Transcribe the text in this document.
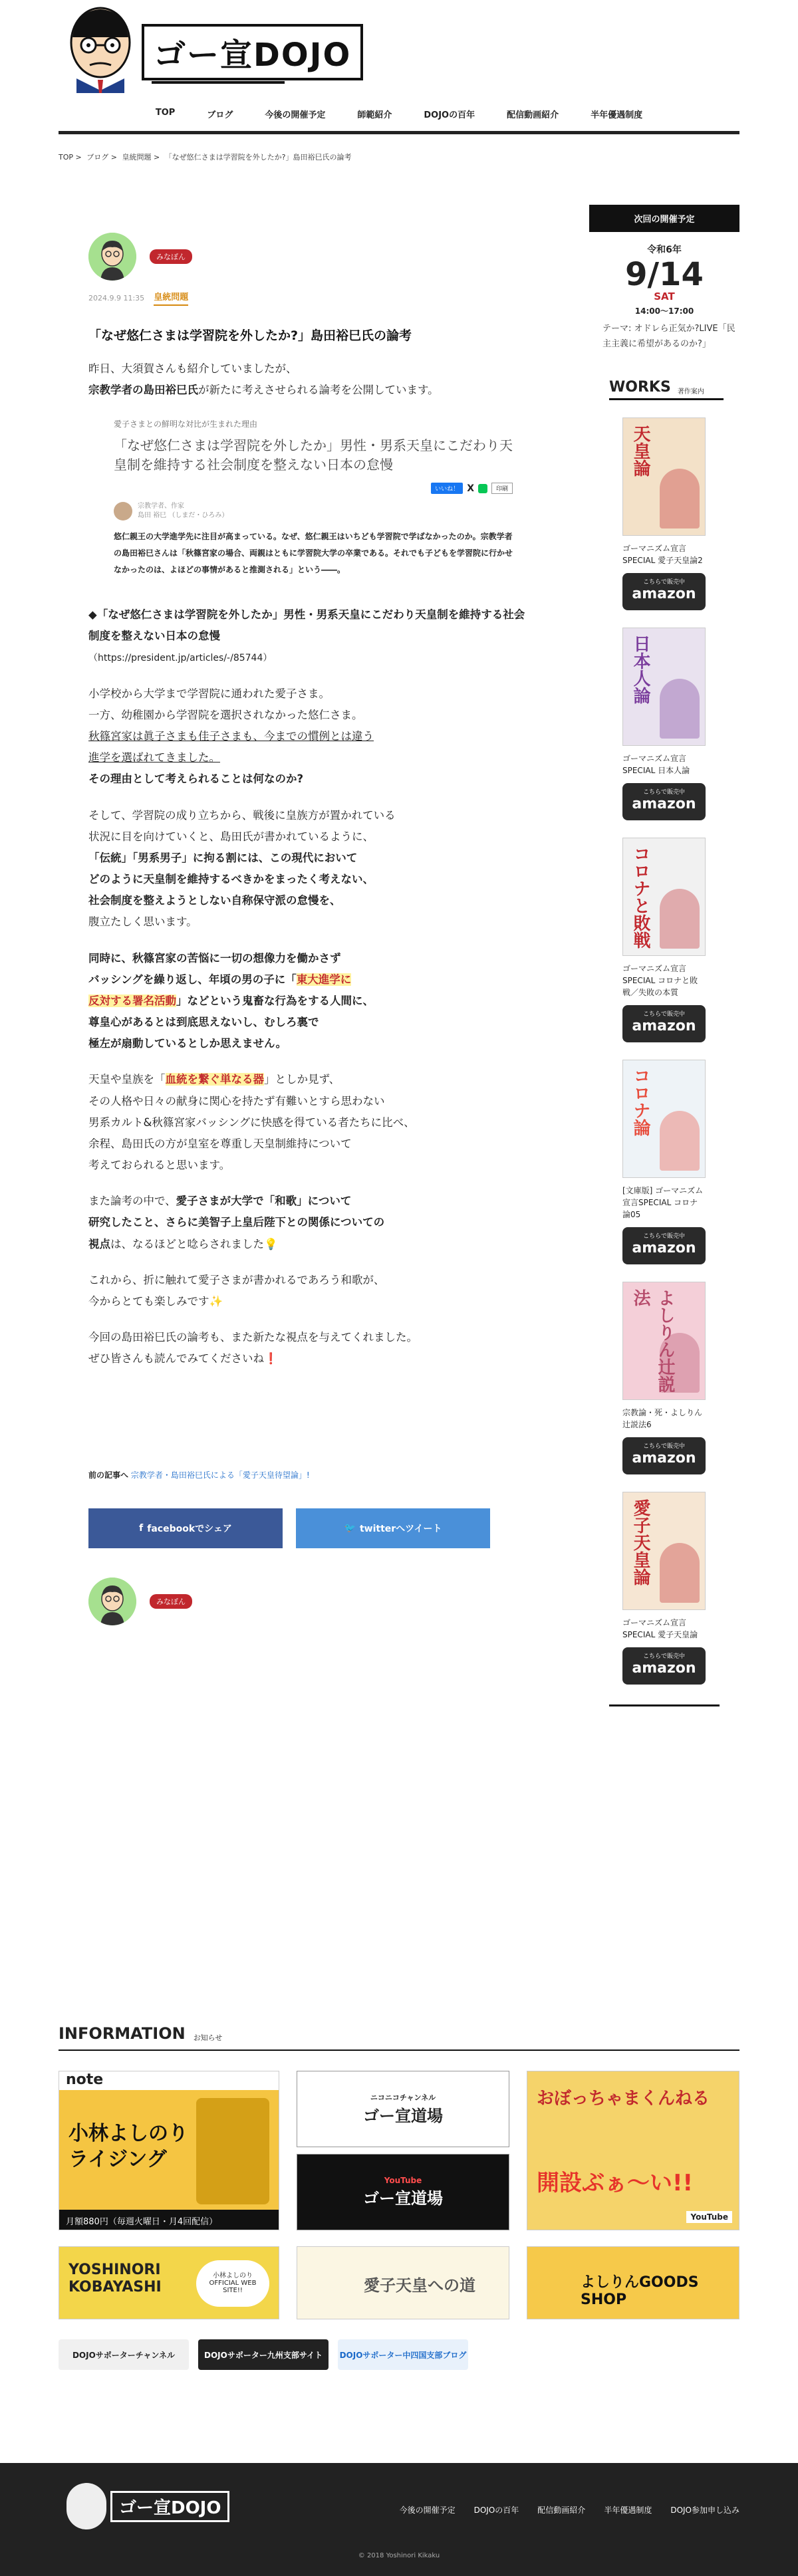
ゴー宣DOJO
TOP	ブログ	今後の開催予定	師範紹介	DOJOの百年	配信動画紹介	半年優遇制度
TOP > ブログ > 皇統問題 > 「なぜ悠仁さまは学習院を外したか?」島田裕巳氏の論考
みなぼん
2024.9.9 11:35 皇統問題
「なぜ悠仁さまは学習院を外したか?」島田裕巳氏の論考
昨日、大須賀さんも紹介していましたが、
宗教学者の島田裕巳氏が新たに考えさせられる論考を公開しています。
愛子さまとの鮮明な対比が生まれた理由
「なぜ悠仁さまは学習院を外したか」男性・男系天皇にこだわり天皇制を維持する社会制度を整えない日本の怠慢
いいね！ X	印刷
宗教学者、作家
島田 裕巳 （しまだ・ひろみ）
悠仁親王の大学進学先に注目が高まっている。なぜ、悠仁親王はいちども学習院で学ばなかったのか。宗教学者の島田裕巳さんは「秋篠宮家の場合、両親はともに学習院大学の卒業である。それでも子どもを学習院に行かせなかったのは、よほどの事情があると推測される」という――。
◆「なぜ悠仁さまは学習院を外したか」男性・男系天皇にこだわり天皇制を維持する社会制度を整えない日本の怠慢
（https://president.jp/articles/-/85744）
小学校から大学まで学習院に通われた愛子さま。
一方、幼稚園から学習院を選択されなかった悠仁さま。
秋篠宮家は眞子さまも佳子さまも、今までの慣例とは違う
進学を選ばれてきました。
その理由として考えられることは何なのか?
そして、学習院の成り立ちから、戦後に皇族方が置かれている
状況に目を向けていくと、島田氏が書かれているように、
「伝統」「男系男子」に拘る割には、この現代において
どのように天皇制を維持するべきかをまったく考えない、
社会制度を整えようとしない自称保守派の怠慢を、
腹立たしく思います。
同時に、秋篠宮家の苦悩に一切の想像力を働かさず
バッシングを繰り返し、年頃の男の子に「東大進学に
反対する署名活動」などという鬼畜な行為をする人間に、
尊皇心があるとは到底思えないし、むしろ裏で
極左が扇動しているとしか思えません。
天皇や皇族を「血統を繋ぐ単なる器」としか見ず、
その人格や日々の献身に関心を持たず有難いとすら思わない
男系カルト&秋篠宮家バッシングに快感を得ている者たちに比べ、
余程、島田氏の方が皇室を尊重し天皇制維持について
考えておられると思います。
また論考の中で、愛子さまが大学で「和歌」について
研究したこと、さらに美智子上皇后陛下との関係についての
視点は、なるほどと唸らされました💡
これから、折に触れて愛子さまが書かれるであろう和歌が、
今からとても楽しみです✨
今回の島田裕巳氏の論考も、また新たな視点を与えてくれました。
ぜひ皆さんも読んでみてくださいね❗
前の記事へ 宗教学者・島田裕巳氏による「愛子天皇待望論」!
f facebookでシェア	🐦 twitterへツイート
みなぼん
次回の開催予定
令和6年
9/14
SAT
14:00～17:00
テーマ: オドレら正気か?LIVE「民主主義に希望があるのか?」
WORKS 著作案内
天皇論
ゴーマニズム宣言SPECIAL 愛子天皇論2
こちらで販売中
amazon
日本人論
ゴーマニズム宣言SPECIAL 日本人論
こちらで販売中
amazon
コロナと敗戦
ゴーマニズム宣言SPECIAL コロナと敗戦／失敗の本質
こちらで販売中
amazon
コロナ論
[文庫版] ゴーマニズム宣言SPECIAL コロナ論05
こちらで販売中
amazon
よしりん辻説法
宗教論・死・よしりん辻説法6
こちらで販売中
amazon
愛子天皇論
ゴーマニズム宣言SPECIAL 愛子天皇論
こちらで販売中
amazon
INFORMATION お知らせ
note
小林よしのりライジング
月額880円（毎週火曜日・月4回配信）
ニコニコチャンネル
ゴー宣道場
YouTube
ゴー宣道場
おぼっちゃまくんねる
開設ぶぁ〜い!!
YouTube
YOSHINORI KOBAYASHI
小林よしのり OFFICIAL WEB SITE!!	愛子天皇への道	よしりんGOODS SHOP
DOJOサポーターチャンネル	DOJOサポーター九州支部サイト	DOJOサポーター中四国支部ブログ
ゴー宣DOJO	今後の開催予定 DOJOの百年 配信動画紹介 半年優遇制度 DOJO参加申し込み
© 2018 Yoshinori Kikaku
